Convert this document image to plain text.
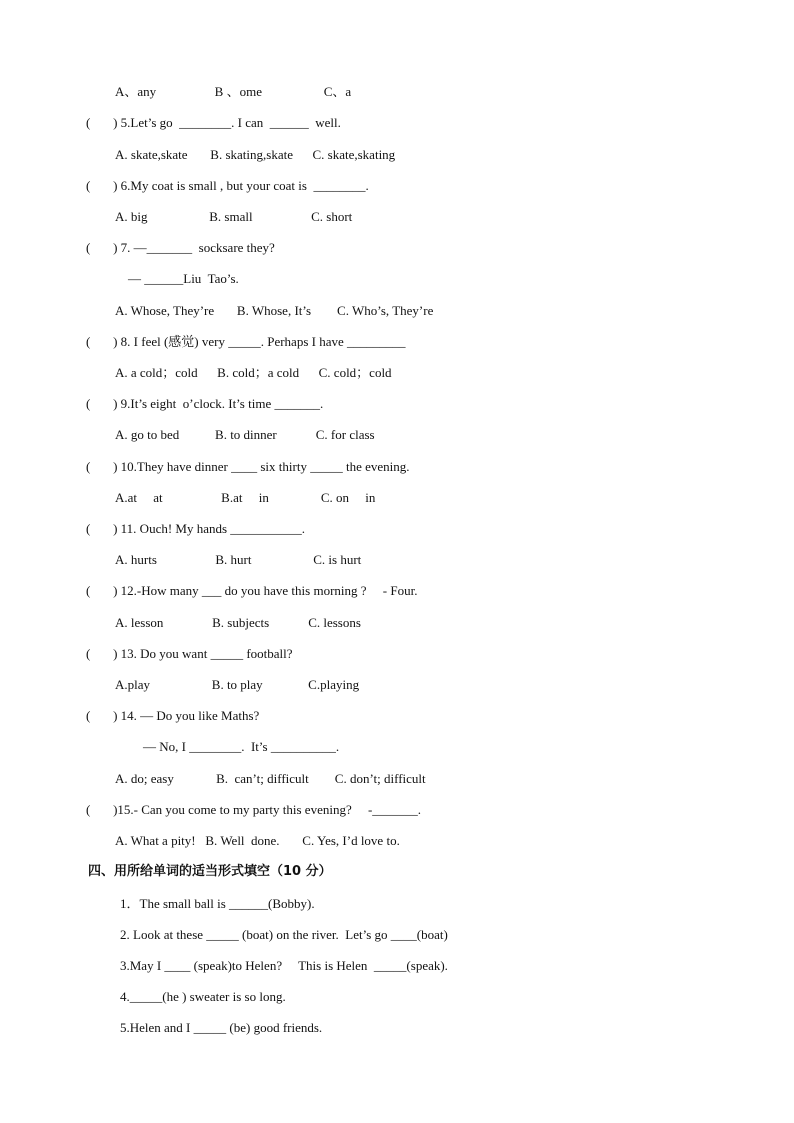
A、any                  B 、ome                   C、a
(       ) 5.Let’s go  ________. I can  ______  well.
A. skate,skate       B. skating,skate      C. skate,skating
(       ) 6.My coat is small , but your coat is  ________.
A. big                   B. small                  C. short
(       ) 7. —_______  socksare they?
— ______Liu  Tao’s.
A. Whose, They’re       B. Whose, It’s        C. Who’s, They’re
(       ) 8. I feel (感觉) very _____. Perhaps I have _________
A. a cold；cold      B. cold；a cold      C. cold；cold
(       ) 9.It’s eight  o’clock. It’s time _______.
A. go to bed           B. to dinner            C. for class
(       ) 10.They have dinner ____ six thirty _____ the evening.
A.at     at                  B.at     in                C. on     in
(       ) 11. Ouch! My hands ___________.
A. hurts                  B. hurt                   C. is hurt
(       ) 12.-How many ___ do you have this morning ?     - Four.
A. lesson               B. subjects            C. lessons
(       ) 13. Do you want _____ football?
A.play                   B. to play              C.playing
(       ) 14. — Do you like Maths?
— No, I ________.  It’s __________.
A. do; easy             B.  can’t; difficult        C. don’t; difficult
(       )15.- Can you come to my party this evening?     -_______.
A. What a pity!   B. Well  done.       C. Yes, I’d love to.
1．The small ball is ______(Bobby).
2. Look at these _____ (boat) on the river.  Let’s go ____(boat)
3.May I ____ (speak)to Helen?     This is Helen  _____(speak).
4._____(he ) sweater is so long.
5.Helen and I _____ (be) good friends.
四、用所给单词的适当形式填空（10 分）
